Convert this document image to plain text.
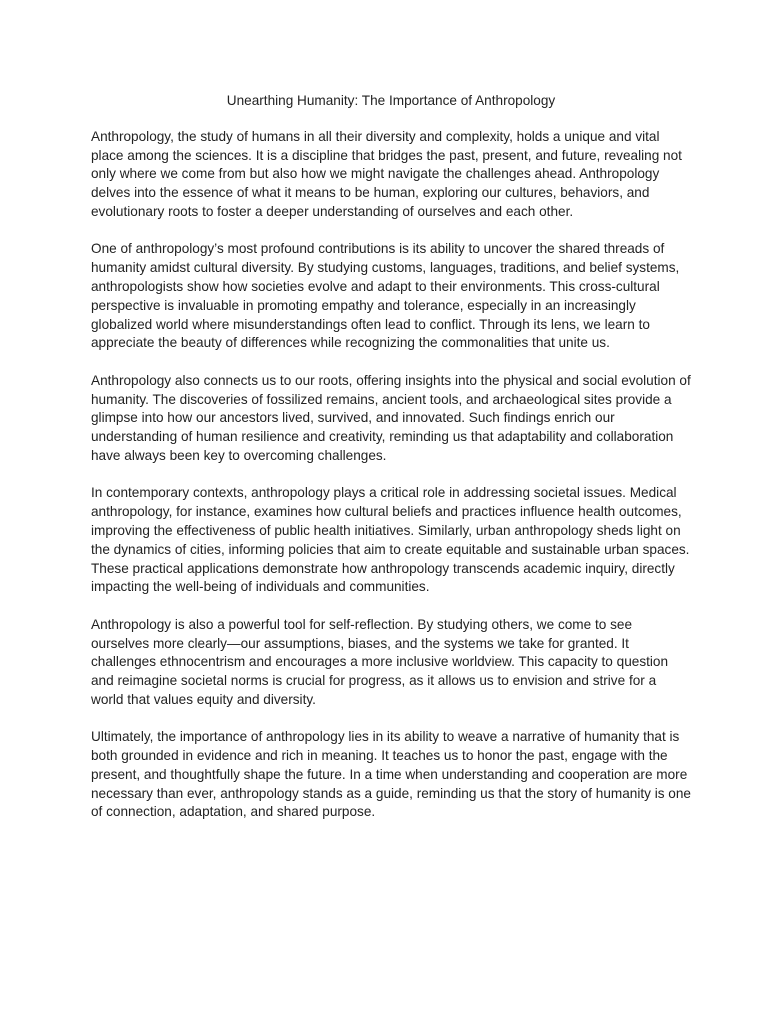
Unearthing Humanity: The Importance of Anthropology

Anthropology, the study of humans in all their diversity and complexity, holds a unique and vital place among the sciences. It is a discipline that bridges the past, present, and future, revealing not only where we come from but also how we might navigate the challenges ahead. Anthropology delves into the essence of what it means to be human, exploring our cultures, behaviors, and evolutionary roots to foster a deeper understanding of ourselves and each other.

One of anthropology’s most profound contributions is its ability to uncover the shared threads of humanity amidst cultural diversity. By studying customs, languages, traditions, and belief systems, anthropologists show how societies evolve and adapt to their environments. This cross-cultural perspective is invaluable in promoting empathy and tolerance, especially in an increasingly globalized world where misunderstandings often lead to conflict. Through its lens, we learn to appreciate the beauty of differences while recognizing the commonalities that unite us.

Anthropology also connects us to our roots, offering insights into the physical and social evolution of humanity. The discoveries of fossilized remains, ancient tools, and archaeological sites provide a glimpse into how our ancestors lived, survived, and innovated. Such findings enrich our understanding of human resilience and creativity, reminding us that adaptability and collaboration have always been key to overcoming challenges.

In contemporary contexts, anthropology plays a critical role in addressing societal issues. Medical anthropology, for instance, examines how cultural beliefs and practices influence health outcomes, improving the effectiveness of public health initiatives. Similarly, urban anthropology sheds light on the dynamics of cities, informing policies that aim to create equitable and sustainable urban spaces. These practical applications demonstrate how anthropology transcends academic inquiry, directly impacting the well-being of individuals and communities.

Anthropology is also a powerful tool for self-reflection. By studying others, we come to see ourselves more clearly—our assumptions, biases, and the systems we take for granted. It challenges ethnocentrism and encourages a more inclusive worldview. This capacity to question and reimagine societal norms is crucial for progress, as it allows us to envision and strive for a world that values equity and diversity.

Ultimately, the importance of anthropology lies in its ability to weave a narrative of humanity that is both grounded in evidence and rich in meaning. It teaches us to honor the past, engage with the present, and thoughtfully shape the future. In a time when understanding and cooperation are more necessary than ever, anthropology stands as a guide, reminding us that the story of humanity is one of connection, adaptation, and shared purpose.
